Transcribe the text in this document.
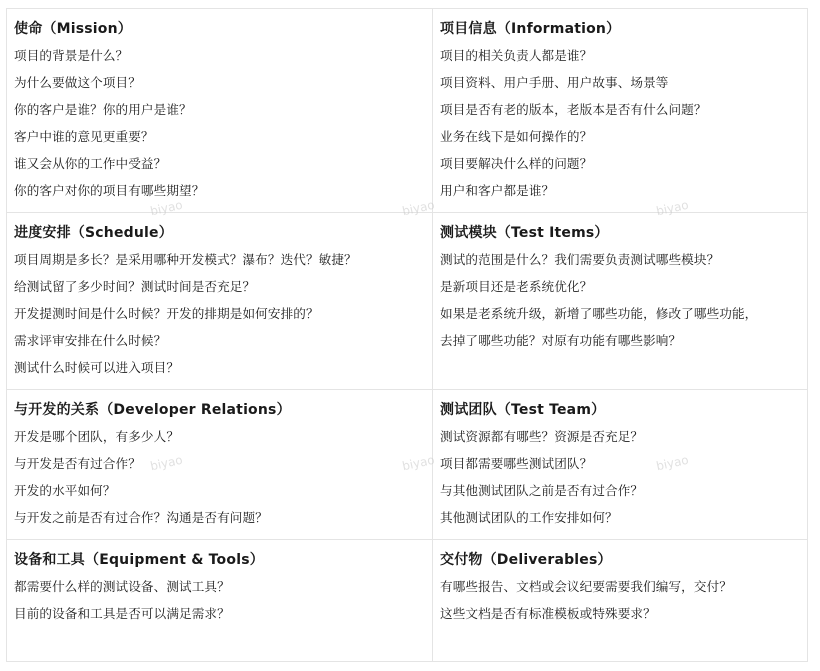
使命（Mission）
项目的背景是什么？
为什么要做这个项目？
你的客户是谁？你的用户是谁？
客户中谁的意见更重要？
谁又会从你的工作中受益？
你的客户对你的项目有哪些期望？
项目信息（Information）
项目的相关负责人都是谁？
项目资料、用户手册、用户故事、场景等
项目是否有老的版本，老版本是否有什么问题？
业务在线下是如何操作的？
项目要解决什么样的问题？
用户和客户都是谁？
进度安排（Schedule）
项目周期是多长？是采用哪种开发模式？瀑布？迭代？敏捷？
给测试留了多少时间？测试时间是否充足？
开发提测时间是什么时候？开发的排期是如何安排的？
需求评审安排在什么时候？
测试什么时候可以进入项目？
测试模块（Test Items）
测试的范围是什么？我们需要负责测试哪些模块？
是新项目还是老系统优化？
如果是老系统升级，新增了哪些功能，修改了哪些功能，
去掉了哪些功能？对原有功能有哪些影响？
与开发的关系（Developer Relations）
开发是哪个团队，有多少人？
与开发是否有过合作？
开发的水平如何？
与开发之前是否有过合作？沟通是否有问题？
测试团队（Test Team）
测试资源都有哪些？资源是否充足？
项目都需要哪些测试团队？
与其他测试团队之前是否有过合作？
其他测试团队的工作安排如何？
设备和工具（Equipment & Tools）
都需要什么样的测试设备、测试工具？
目前的设备和工具是否可以满足需求？
交付物（Deliverables）
有哪些报告、文档或会议纪要需要我们编写，交付？
这些文档是否有标准模板或特殊要求？
biyao	biyao	biyao
biyao	biyao	biyao
